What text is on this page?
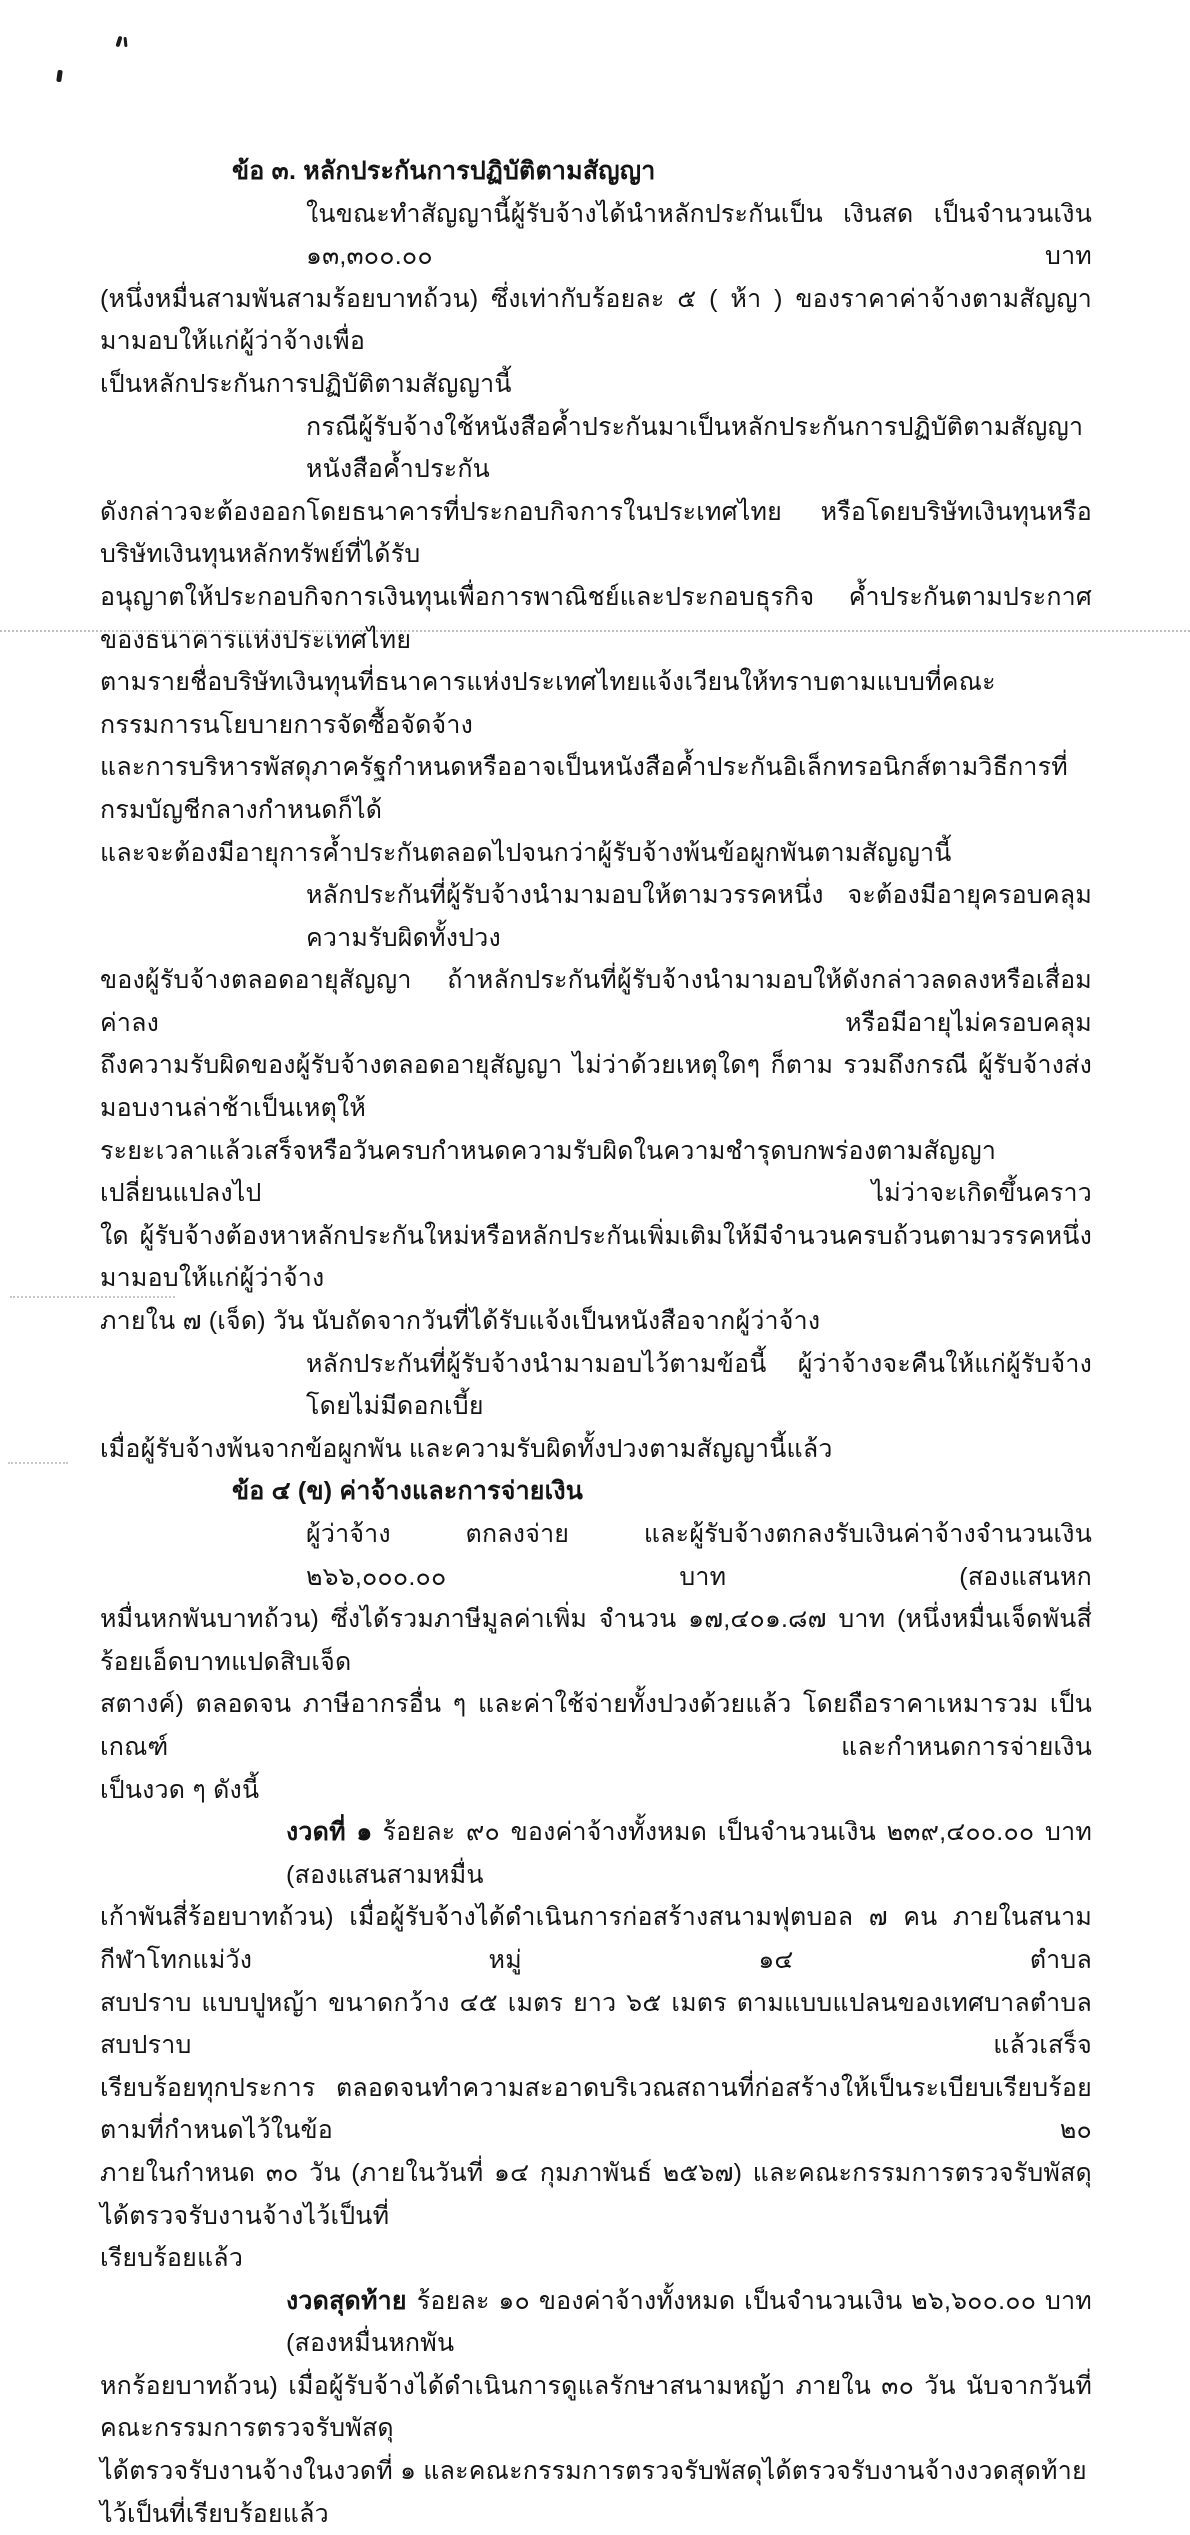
ข้อ ๓. หลักประกันการปฏิบัติตามสัญญา
ในขณะทำสัญญานี้ผู้รับจ้างได้นำหลักประกันเป็น เงินสด เป็นจำนวนเงิน ๑๓,๓๐๐.๐๐ บาท
(หนึ่งหมื่นสามพันสามร้อยบาทถ้วน) ซึ่งเท่ากับร้อยละ ๕ ( ห้า ) ของราคาค่าจ้างตามสัญญา มามอบให้แก่ผู้ว่าจ้างเพื่อ
เป็นหลักประกันการปฏิบัติตามสัญญานี้
กรณีผู้รับจ้างใช้หนังสือค้ำประกันมาเป็นหลักประกันการปฏิบัติตามสัญญา หนังสือค้ำประกัน
ดังกล่าวจะต้องออกโดยธนาคารที่ประกอบกิจการในประเทศไทย หรือโดยบริษัทเงินทุนหรือบริษัทเงินทุนหลักทรัพย์ที่ได้รับ
อนุญาตให้ประกอบกิจการเงินทุนเพื่อการพาณิชย์และประกอบธุรกิจ ค้ำประกันตามประกาศของธนาคารแห่งประเทศไทย
ตามรายชื่อบริษัทเงินทุนที่ธนาคารแห่งประเทศไทยแจ้งเวียนให้ทราบตามแบบที่คณะกรรมการนโยบายการจัดซื้อจัดจ้าง
และการบริหารพัสดุภาครัฐกำหนดหรืออาจเป็นหนังสือค้ำประกันอิเล็กทรอนิกส์ตามวิธีการที่กรมบัญชีกลางกำหนดก็ได้
และจะต้องมีอายุการค้ำประกันตลอดไปจนกว่าผู้รับจ้างพ้นข้อผูกพันตามสัญญานี้
หลักประกันที่ผู้รับจ้างนำมามอบให้ตามวรรคหนึ่ง จะต้องมีอายุครอบคลุมความรับผิดทั้งปวง
ของผู้รับจ้างตลอดอายุสัญญา ถ้าหลักประกันที่ผู้รับจ้างนำมามอบให้ดังกล่าวลดลงหรือเสื่อมค่าลง หรือมีอายุไม่ครอบคลุม
ถึงความรับผิดของผู้รับจ้างตลอดอายุสัญญา ไม่ว่าด้วยเหตุใดๆ ก็ตาม รวมถึงกรณี ผู้รับจ้างส่งมอบงานล่าช้าเป็นเหตุให้
ระยะเวลาแล้วเสร็จหรือวันครบกำหนดความรับผิดในความชำรุดบกพร่องตามสัญญาเปลี่ยนแปลงไป ไม่ว่าจะเกิดขึ้นคราว
ใด ผู้รับจ้างต้องหาหลักประกันใหม่หรือหลักประกันเพิ่มเติมให้มีจำนวนครบถ้วนตามวรรคหนึ่งมามอบให้แก่ผู้ว่าจ้าง
ภายใน ๗ (เจ็ด) วัน นับถัดจากวันที่ได้รับแจ้งเป็นหนังสือจากผู้ว่าจ้าง
หลักประกันที่ผู้รับจ้างนำมามอบไว้ตามข้อนี้ ผู้ว่าจ้างจะคืนให้แก่ผู้รับจ้าง โดยไม่มีดอกเบี้ย
เมื่อผู้รับจ้างพ้นจากข้อผูกพัน และความรับผิดทั้งปวงตามสัญญานี้แล้ว
ข้อ ๔ (ข) ค่าจ้างและการจ่ายเงิน
ผู้ว่าจ้าง ตกลงจ่าย และผู้รับจ้างตกลงรับเงินค่าจ้างจำนวนเงิน ๒๖๖,๐๐๐.๐๐ บาท (สองแสนหก
หมื่นหกพันบาทถ้วน) ซึ่งได้รวมภาษีมูลค่าเพิ่ม จำนวน ๑๗,๔๐๑.๘๗ บาท (หนึ่งหมื่นเจ็ดพันสี่ร้อยเอ็ดบาทแปดสิบเจ็ด
สตางค์) ตลอดจน ภาษีอากรอื่น ๆ และค่าใช้จ่ายทั้งปวงด้วยแล้ว โดยถือราคาเหมารวม เป็นเกณฑ์ และกำหนดการจ่ายเงิน
เป็นงวด ๆ ดังนี้
งวดที่ ๑ ร้อยละ ๙๐ ของค่าจ้างทั้งหมด เป็นจำนวนเงิน ๒๓๙,๔๐๐.๐๐ บาท (สองแสนสามหมื่น
เก้าพันสี่ร้อยบาทถ้วน) เมื่อผู้รับจ้างได้ดำเนินการก่อสร้างสนามฟุตบอล ๗ คน ภายในสนามกีฬาโทกแม่วัง หมู่ ๑๔ ตำบล
สบปราบ แบบปูหญ้า ขนาดกว้าง ๔๕ เมตร ยาว ๖๕ เมตร ตามแบบแปลนของเทศบาลตำบลสบปราบ แล้วเสร็จ
เรียบร้อยทุกประการ ตลอดจนทำความสะอาดบริเวณสถานที่ก่อสร้างให้เป็นระเบียบเรียบร้อย ตามที่กำหนดไว้ในข้อ ๒๐
ภายในกำหนด ๓๐ วัน (ภายในวันที่ ๑๔ กุมภาพันธ์ ๒๕๖๗) และคณะกรรมการตรวจรับพัสดุได้ตรวจรับงานจ้างไว้เป็นที่
เรียบร้อยแล้ว
งวดสุดท้าย ร้อยละ ๑๐ ของค่าจ้างทั้งหมด เป็นจำนวนเงิน ๒๖,๖๐๐.๐๐ บาท (สองหมื่นหกพัน
หกร้อยบาทถ้วน) เมื่อผู้รับจ้างได้ดำเนินการดูแลรักษาสนามหญ้า ภายใน ๓๐ วัน นับจากวันที่คณะกรรมการตรวจรับพัสดุ
ได้ตรวจรับงานจ้างในงวดที่ ๑ และคณะกรรมการตรวจรับพัสดุได้ตรวจรับงานจ้างงวดสุดท้ายไว้เป็นที่เรียบร้อยแล้ว
